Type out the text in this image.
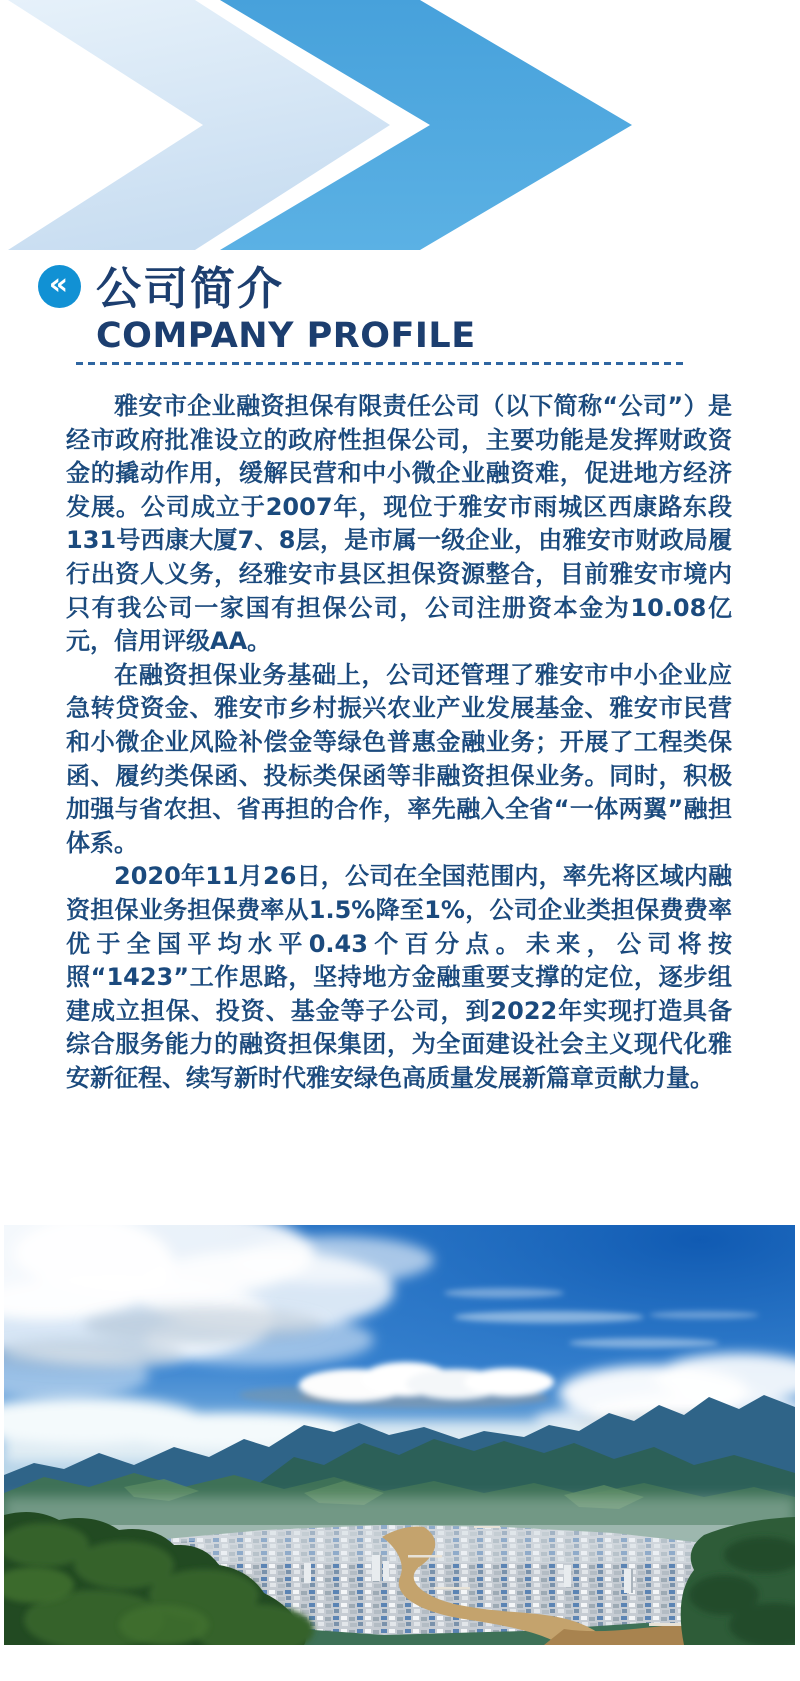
« 公司简介
COMPANY PROFILE

雅安市企业融资担保有限责任公司（以下简称“公司”）是经市政府批准设立的政府性担保公司，主要功能是发挥财政资金的撬动作用，缓解民营和中小微企业融资难，促进地方经济发展。公司成立于2007年，现位于雅安市雨城区西康路东段131号西康大厦7、8层，是市属一级企业，由雅安市财政局履行出资人义务，经雅安市县区担保资源整合，目前雅安市境内只有我公司一家国有担保公司，公司注册资本金为10.08亿元，信用评级AA。

在融资担保业务基础上，公司还管理了雅安市中小企业应急转贷资金、雅安市乡村振兴农业产业发展基金、雅安市民营和小微企业风险补偿金等绿色普惠金融业务；开展了工程类保函、履约类保函、投标类保函等非融资担保业务。同时，积极加强与省农担、省再担的合作，率先融入全省“一体两翼”融担体系。

2020年11月26日，公司在全国范围内，率先将区域内融资担保业务担保费率从1.5%降至1%，公司企业类担保费费率优于全国平均水平0.43个百分点。未来，公司将按照“1423”工作思路，坚持地方金融重要支撑的定位，逐步组建成立担保、投资、基金等子公司，到2022年实现打造具备综合服务能力的融资担保集团，为全面建设社会主义现代化雅安新征程、续写新时代雅安绿色高质量发展新篇章贡献力量。
